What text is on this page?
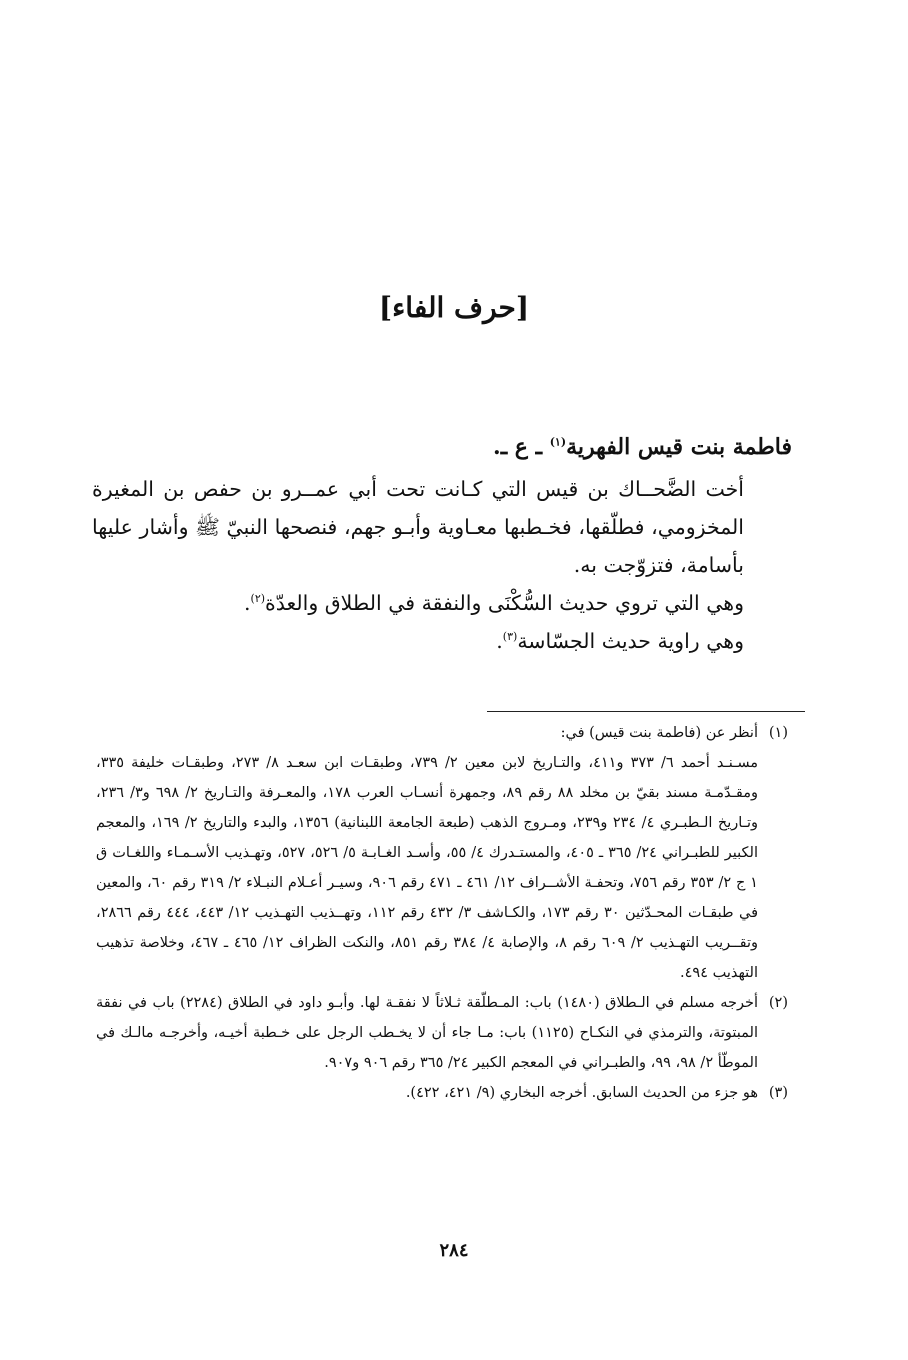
[حرف الفاء]

فاطمة بنت قيس الفهرية$^{(١)}$ ـ ع ـ.

أخت الضَّحــاك بن قيس التي كـانت تحت أبي عمــرو بن حفص بن المغيرة المخزومي، فطلّقها، فخـطبها معـاوية وأبـو جهم، فنصحها النبيّ ﷺ وأشار عليها بأسامة، فتزوّجت به.

وهي التي تروي حديث السُّكْنَى والنفقة في الطلاق والعدّة$^{(٢)}$.

وهي راوية حديث الجسّاسة$^{(٣)}$.

(١)

أنظر عن (فاطمة بنت قيس) في:

مسـنـد أحمد ٦/ ٣٧٣ و٤١١، والتـاريخ لابن معين ٢/ ٧٣٩، وطبقـات ابن سعـد ٨/ ٢٧٣، وطبقـات خليفة ٣٣٥، ومقـدّمـة مسند بقيّ بن مخلد ٨٨ رقم ٨٩، وجمهرة أنسـاب العرب ١٧٨، والمعـرفة والتـاريخ ٢/ ٦٩٨ و٣/ ٢٣٦، وتـاريخ الـطبـري ٤/ ٢٣٤ و٢٣٩، ومـروج الذهب (طبعة الجامعة اللبنانية) ١٣٥٦، والبدء والتاريخ ٢/ ١٦٩، والمعجم الكبير للطبـراني ٢٤/ ٣٦٥ ـ ٤٠٥، والمستـدرك ٤/ ٥٥، وأسـد الغـابـة ٥/ ٥٢٦، ٥٢٧، وتهـذيب الأسـمـاء واللغـات ق ١ ج ٢/ ٣٥٣ رقم ٧٥٦، وتحفـة الأشــراف ١٢/ ٤٦١ ـ ٤٧١ رقم ٩٠٦، وسيـر أعـلام النبـلاء ٢/ ٣١٩ رقم ٦٠، والمعين في طبقـات المحـدّثين ٣٠ رقم ١٧٣، والكـاشف ٣/ ٤٣٢ رقم ١١٢، وتهــذيب التهـذيب ١٢/ ٤٤٣، ٤٤٤ رقم ٢٨٦٦، وتقــريب التهـذيب ٢/ ٦٠٩ رقم ٨، والإصابة ٤/ ٣٨٤ رقم ٨٥١، والنكت الظراف ١٢/ ٤٦٥ ـ ٤٦٧، وخلاصة تذهيب التهذيب ٤٩٤.

(٢)

أخرجه مسلم في الـطلاق (١٤٨٠) باب: المـطلّقة ثـلاثاً لا نفقـة لها. وأبـو داود في الطلاق (٢٢٨٤) باب في نفقة المبتوتة، والترمذي في النكـاح (١١٢٥) باب: مـا جاء أن لا يخـطب الرجل على خـطبة أخيـه، وأخرجـه مالـك في الموطّأ ٢/ ٩٨، ٩٩، والطبـراني في المعجم الكبير ٢٤/ ٣٦٥ رقم ٩٠٦ و٩٠٧.

(٣)

هو جزء من الحديث السابق. أخرجه البخاري (٩/ ٤٢١، ٤٢٢).

٢٨٤
